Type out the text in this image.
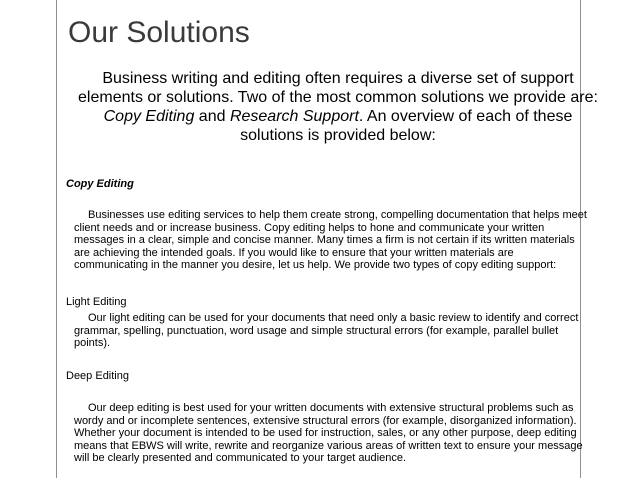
Our Solutions

Business writing and editing often requires a diverse set of support elements or solutions. Two of the most common solutions we provide are: Copy Editing and Research Support. An overview of each of these solutions is provided below:

Copy Editing

Businesses use editing services to help them create strong, compelling documentation that helps meet client needs and or increase business. Copy editing helps to hone and communicate your written messages in a clear, simple and concise manner. Many times a firm is not certain if its written materials are achieving the intended goals. If you would like to ensure that your written materials are communicating in the manner you desire, let us help. We provide two types of copy editing support:

Light Editing

Our light editing can be used for your documents that need only a basic review to identify and correct grammar, spelling, punctuation, word usage and simple structural errors (for example, parallel bullet points).

Deep Editing

Our deep editing is best used for your written documents with extensive structural problems such as wordy and or incomplete sentences, extensive structural errors (for example, disorganized information). Whether your document is intended to be used for instruction, sales, or any other purpose, deep editing means that EBWS will write, rewrite and reorganize various areas of written text to ensure your message will be clearly presented and communicated to your target audience.
